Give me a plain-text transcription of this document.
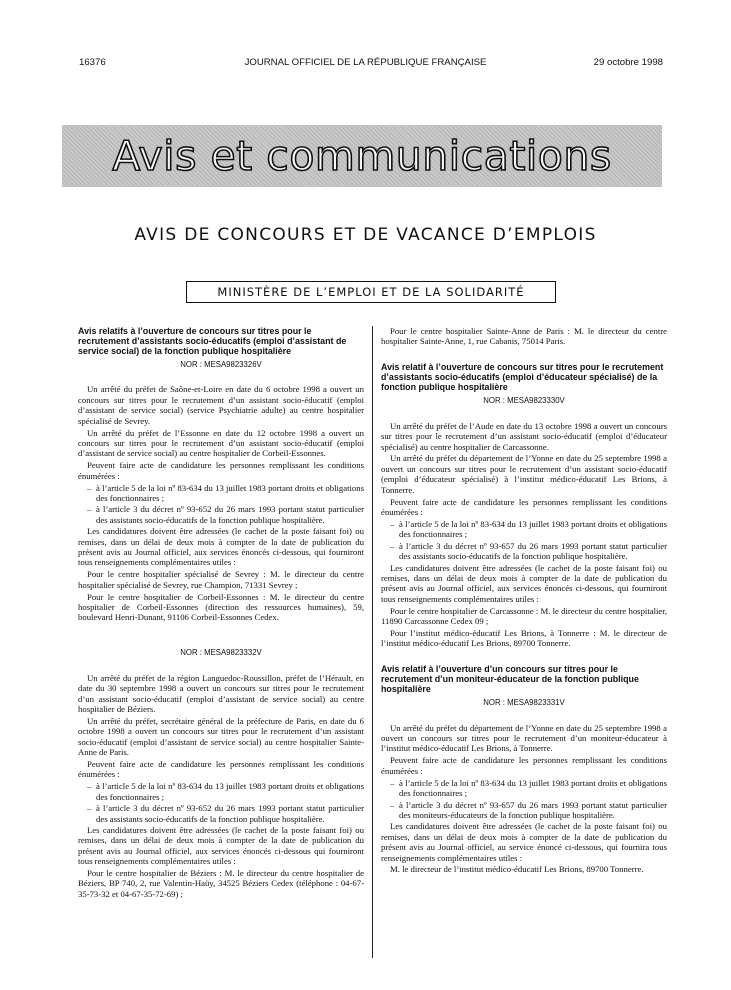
16376	JOURNAL OFFICIEL DE LA RÉPUBLIQUE FRANÇAISE	29 octobre 1998
Avis et communications
AVIS DE CONCOURS ET DE VACANCE D’EMPLOIS
MINISTÈRE DE L’EMPLOI ET DE LA SOLIDARITÉ
Avis relatifs à l’ouverture de concours sur titres pour le recrutement d’assistants socio-éducatifs (emploi d’assistant de service social) de la fonction publique hospitalière
NOR : MESA9823326V

Un arrêté du préfet de Saône-et-Loire en date du 6 octobre 1998 a ouvert un concours sur titres pour le recrutement d’un assistant socio-éducatif (emploi d’assistant de service social) (service Psychiatrie adulte) au centre hospitalier spécialisé de Sevrey.

Un arrêté du préfet de l’Essonne en date du 12 octobre 1998 a ouvert un concours sur titres pour le recrutement d’un assistant socio-éducatif (emploi d’assistant de service social) au centre hospitalier de Corbeil-Essonnes.

Peuvent faire acte de candidature les personnes remplissant les conditions énumérées :

– à l’article 5 de la loi nº 83-634 du 13 juillet 1983 portant droits et obligations des fonctionnaires ;
– à l’article 3 du décret nº 93-652 du 26 mars 1993 portant statut particulier des assistants socio-éducatifs de la fonction publique hospitalière.

Les candidatures doivent être adressées (le cachet de la poste faisant foi) ou remises, dans un délai de deux mois à compter de la date de publication du présent avis au Journal officiel, aux services énoncés ci-dessous, qui fourniront tous renseignements complémentaires utiles :

Pour le centre hospitalier spécialisé de Sevrey : M. le directeur du centre hospitalier spécialisé de Sevrey, rue Champion, 71331 Sevrey ;

Pour le centre hospitalier de Corbeil-Essonnes : M. le directeur du centre hospitalier de Corbeil-Essonnes (direction des ressources humaines), 59, boulevard Henri-Dunant, 91106 Corbeil-Essonnes Cedex.

NOR : MESA9823332V

Un arrêté du préfet de la région Languedoc-Roussillon, préfet de l’Hérault, en date du 30 septembre 1998 a ouvert un concours sur titres pour le recrutement d’un assistant socio-éducatif (emploi d’assistant de service social) au centre hospitalier de Béziers.

Un arrêté du préfet, secrétaire général de la préfecture de Paris, en date du 6 octobre 1998 a ouvert un concours sur titres pour le recrutement d’un assistant socio-éducatif (emploi d’assistant de service social) au centre hospitalier Sainte-Anne de Paris.

Peuvent faire acte de candidature les personnes remplissant les conditions énumérées :

– à l’article 5 de la loi nº 83-634 du 13 juillet 1983 portant droits et obligations des fonctionnaires ;
– à l’article 3 du décret nº 93-652 du 26 mars 1993 portant statut particulier des assistants socio-éducatifs de la fonction publique hospitalière.

Les candidatures doivent être adressées (le cachet de la poste faisant foi) ou remises, dans un délai de deux mois à compter de la date de publication du présent avis au Journal officiel, aux services énoncés ci-dessous qui fourniront tous renseignements complémentaires utiles :

Pour le centre hospitalier de Béziers : M. le directeur du centre hospitalier de Béziers, BP 740, 2, rue Valentin-Haüy, 34525 Béziers Cedex (téléphone : 04-67-35-73-32 et 04-67-35-72-69) ;

Pour le centre hospitalier Sainte-Anne de Paris : M. le directeur du centre hospitalier Sainte-Anne, 1, rue Cabanis, 75014 Paris.

Avis relatif à l’ouverture de concours sur titres pour le recrutement d’assistants socio-éducatifs (emploi d’éducateur spécialisé) de la fonction publique hospitalière
NOR : MESA9823330V

Un arrêté du préfet de l’Aude en date du 13 octobre 1998 a ouvert un concours sur titres pour le recrutement d’un assistant socio-éducatif (emploi d’éducateur spécialisé) au centre hospitalier de Carcassonne.

Un arrêté du préfet du département de l’Yonne en date du 25 septembre 1998 a ouvert un concours sur titres pour le recrutement d’un assistant socio-éducatif (emploi d’éducateur spécialisé) à l’institut médico-éducatif Les Brions, à Tonnerre.

Peuvent faire acte de candidature les personnes remplissant les conditions énumérées :

– à l’article 5 de la loi nº 83-634 du 13 juillet 1983 portant droits et obligations des fonctionnaires ;
– à l’article 3 du décret nº 93-657 du 26 mars 1993 portant statut particulier des assistants socio-éducatifs de la fonction publique hospitalière.

Les candidatures doivent être adressées (le cachet de la poste faisant foi) ou remises, dans un délai de deux mois à compter de la date de publication du présent avis au Journal officiel, aux services énoncés ci-dessous, qui fourniront tous renseignements complémentaires utiles :

Pour le centre hospitalier de Carcassonne : M. le directeur du centre hospitalier, 11890 Carcassonne Cedex 09 ;

Pour l’institut médico-éducatif Les Brions, à Tonnerre : M. le directeur de l’institut médico-éducatif Les Brions, 89700 Tonnerre.

Avis relatif à l’ouverture d’un concours sur titres pour le recrutement d’un moniteur-éducateur de la fonction publique hospitalière
NOR : MESA9823331V

Un arrêté du préfet du département de l’Yonne en date du 25 septembre 1998 a ouvert un concours sur titres pour le recrutement d’un moniteur-éducateur à l’institut médico-éducatif Les Brions, à Tonnerre.

Peuvent faire acte de candidature les personnes remplissant les conditions énumérées :

– à l’article 5 de la loi nº 83-634 du 13 juillet 1983 portant droits et obligations des fonctionnaires ;
– à l’article 3 du décret nº 93-657 du 26 mars 1993 portant statut particulier des moniteurs-éducateurs de la fonction publique hospitalière.

Les candidatures doivent être adressées (le cachet de la poste faisant foi) ou remises, dans un délai de deux mois à compter de la date de publication du présent avis au Journal officiel, au service énoncé ci-dessous, qui fournira tous renseignements complémentaires utiles :

M. le directeur de l’institut médico-éducatif Les Brions, 89700 Tonnerre.
